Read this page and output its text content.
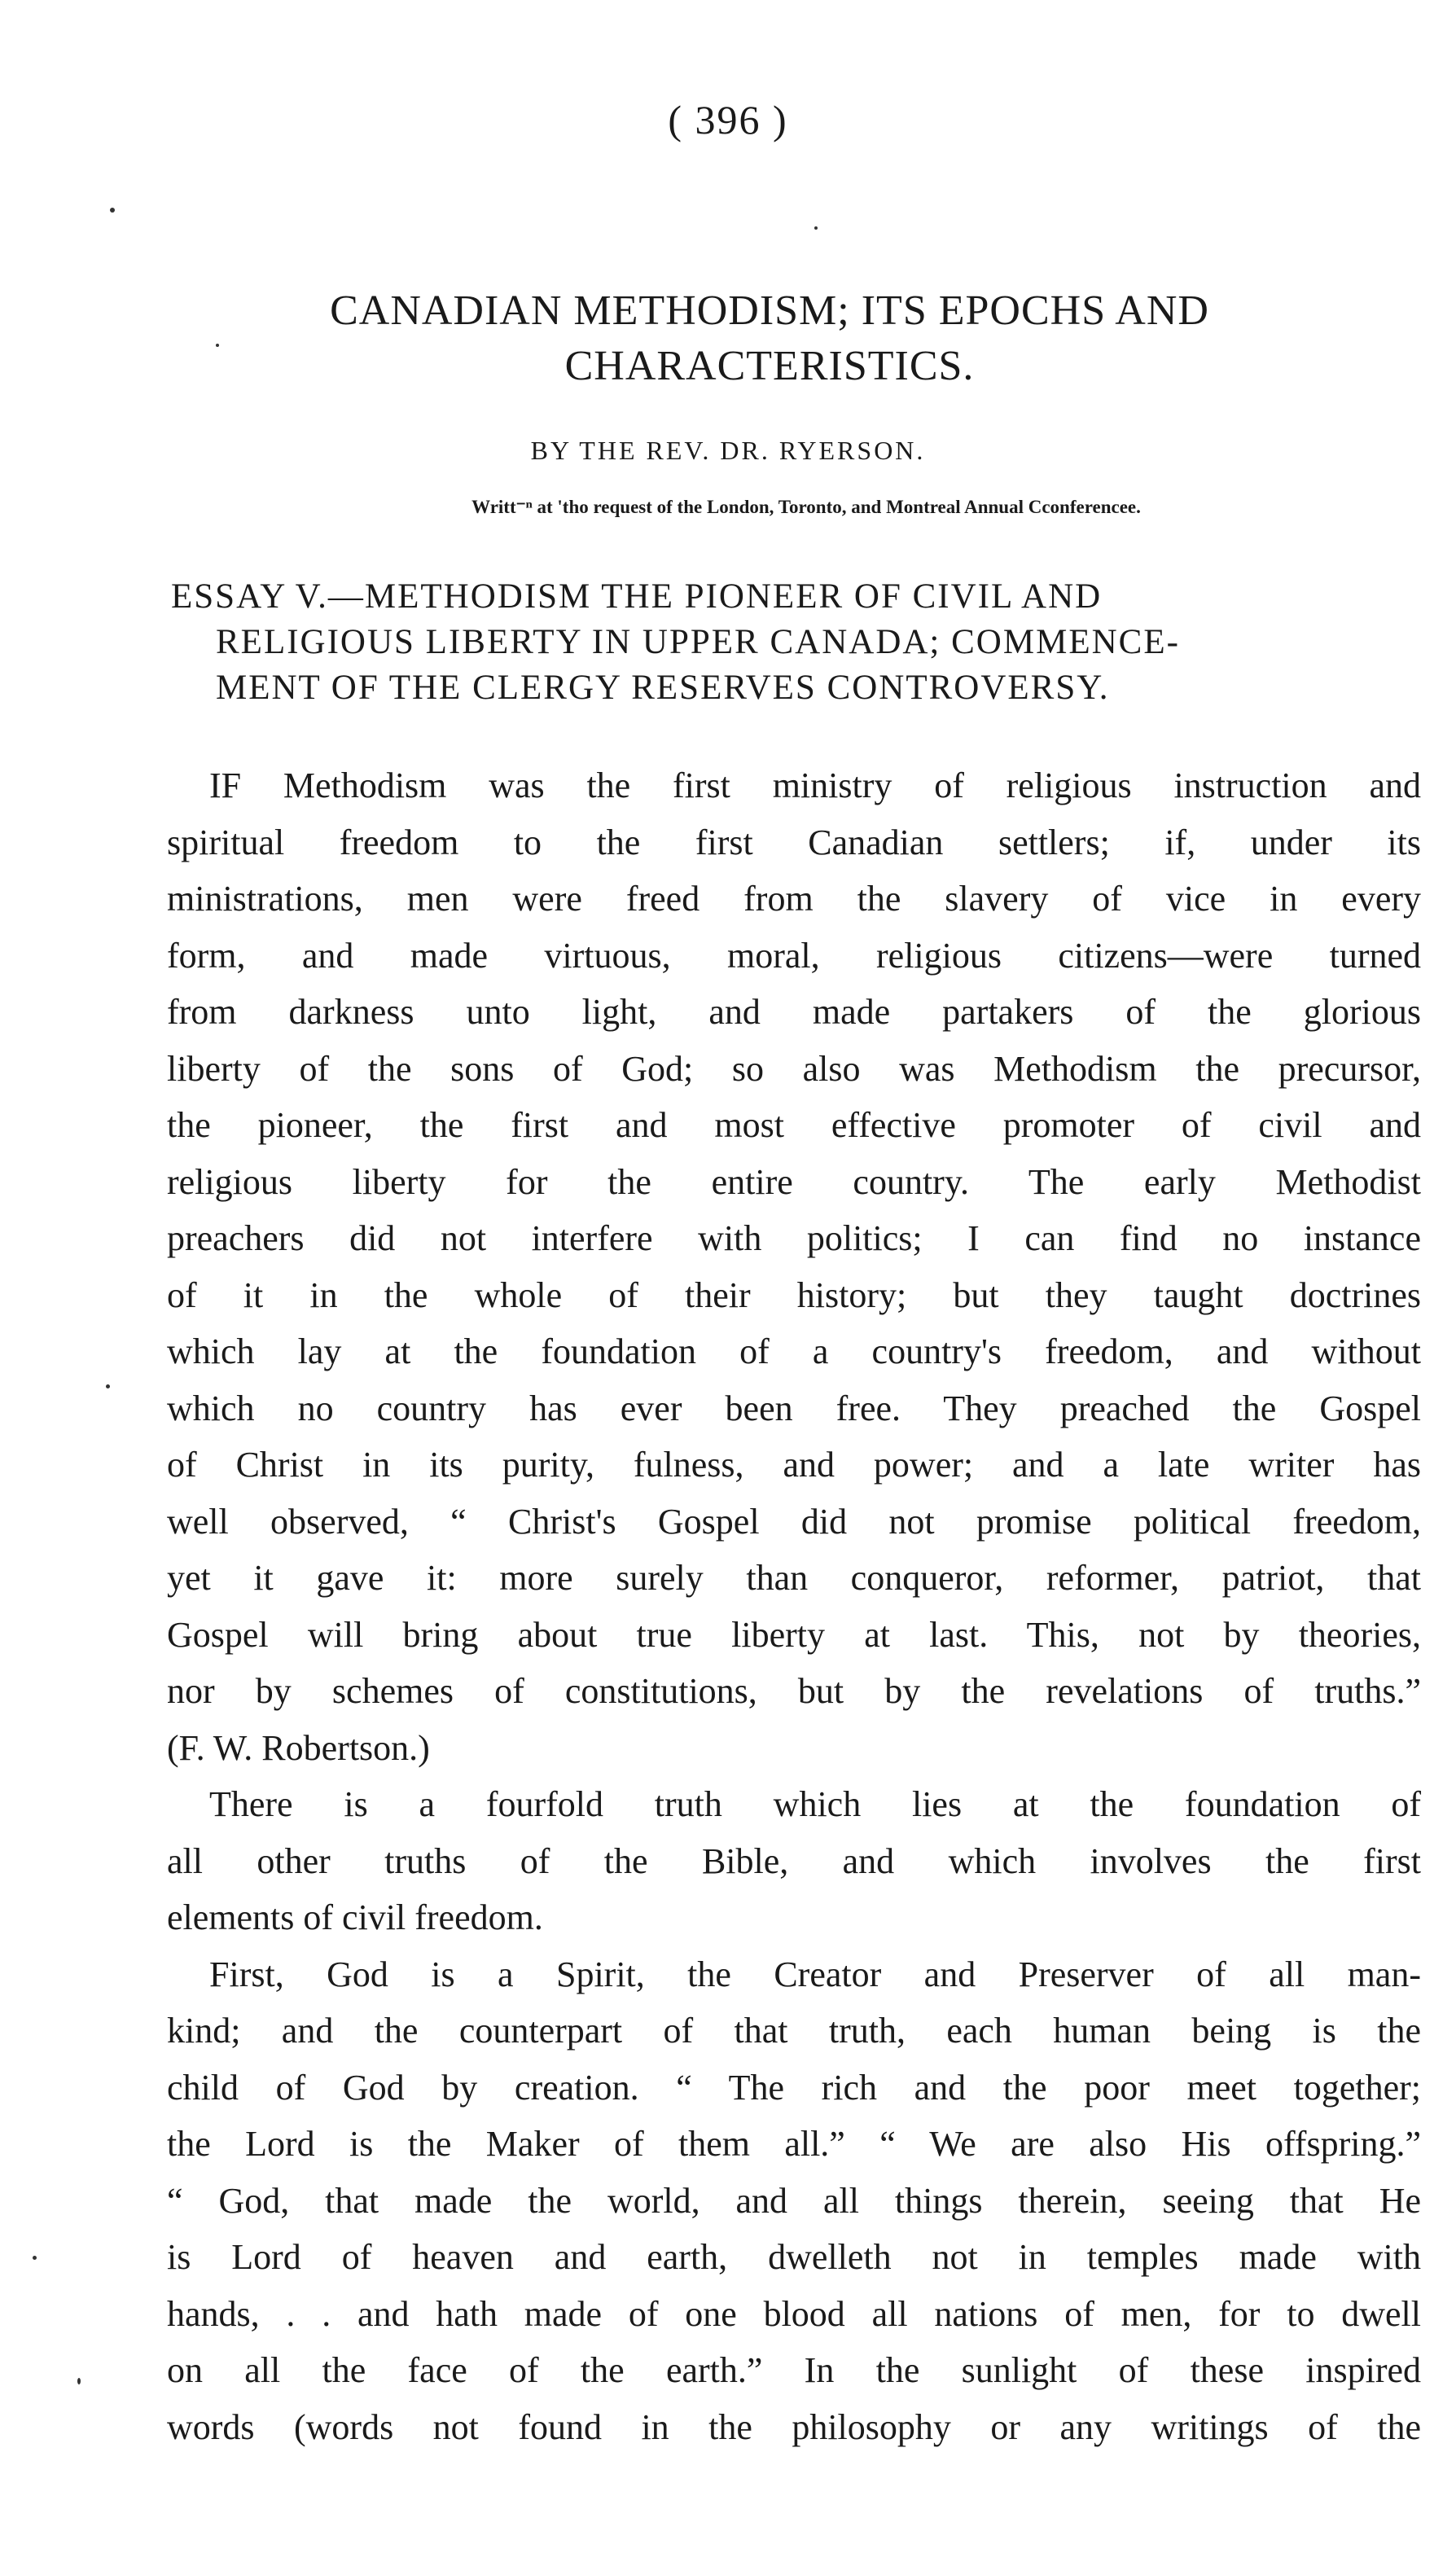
( 396 )
CANADIAN METHODISM; ITS EPOCHS AND
CHARACTERISTICS.
BY THE REV. DR. RYERSON.
Writt⁻ⁿ at 'tho request of the London, Toronto, and Montreal Annual Cconferencee.
ESSAY V.—METHODISM THE PIONEER OF CIVIL AND
RELIGIOUS LIBERTY IN UPPER CANADA; COMMENCE-
MENT OF THE CLERGY RESERVES CONTROVERSY.
IF Methodism was the first ministry of religious instruction and
spiritual freedom to the first Canadian settlers; if, under its
ministrations, men were freed from the slavery of vice in every
form, and made virtuous, moral, religious citizens—were turned
from darkness unto light, and made partakers of the glorious
liberty of the sons of God; so also was Methodism the precursor,
the pioneer, the first and most effective promoter of civil and
religious liberty for the entire country. The early Methodist
preachers did not interfere with politics; I can find no instance
of it in the whole of their history; but they taught doctrines
which lay at the foundation of a country's freedom, and without
which no country has ever been free. They preached the Gospel
of Christ in its purity, fulness, and power; and a late writer has
well observed, “ Christ's Gospel did not promise political freedom,
yet it gave it: more surely than conqueror, reformer, patriot, that
Gospel will bring about true liberty at last. This, not by theories,
nor by schemes of constitutions, but by the revelations of truths.”
(F. W. Robertson.)
There is a fourfold truth which lies at the foundation of
all other truths of the Bible, and which involves the first
elements of civil freedom.
First, God is a Spirit, the Creator and Preserver of all man-
kind; and the counterpart of that truth, each human being is the
child of God by creation. “ The rich and the poor meet together;
the Lord is the Maker of them all.” “ We are also His offspring.”
“ God, that made the world, and all things therein, seeing that He
is Lord of heaven and earth, dwelleth not in temples made with
hands, . . and hath made of one blood all nations of men, for to dwell
on all the face of the earth.” In the sunlight of these inspired
words (words not found in the philosophy or any writings of the
